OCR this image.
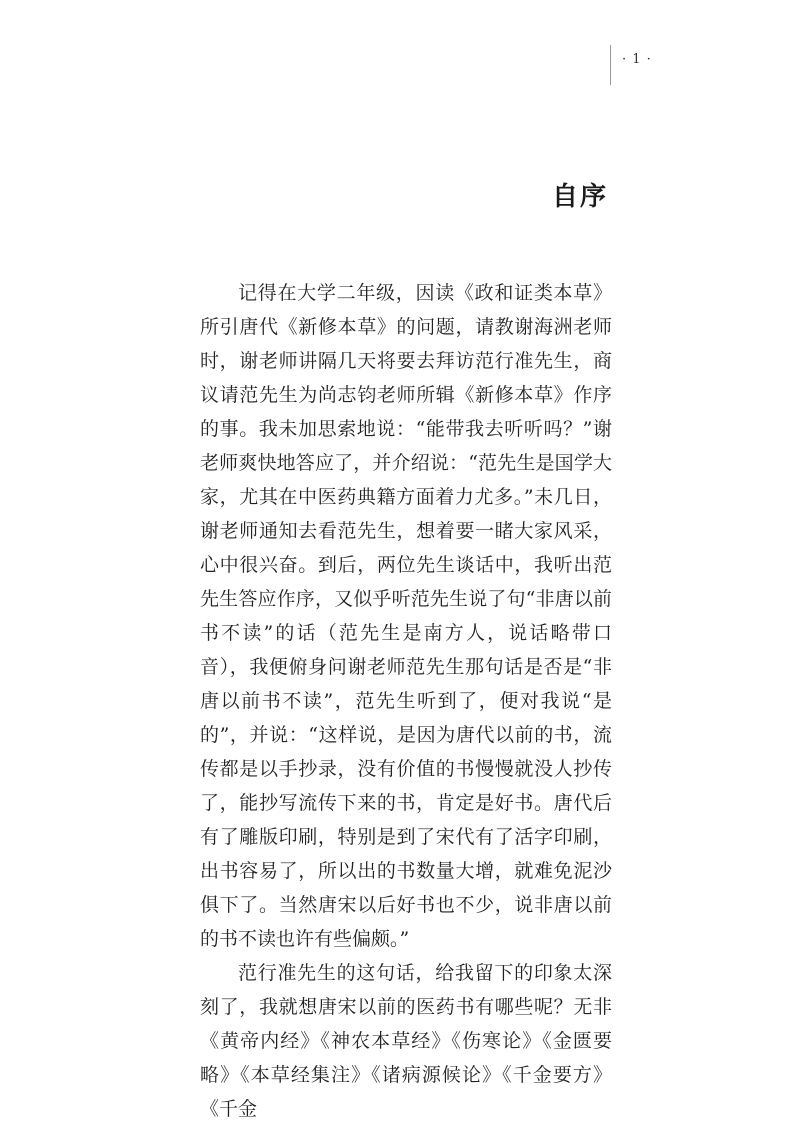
· 1 ·
自序

记得在大学二年级，因读《政和证类本草》所引唐代《新修本草》的问题，请教谢海洲老师时，谢老师讲隔几天将要去拜访范行准先生，商议请范先生为尚志钧老师所辑《新修本草》作序的事。我未加思索地说：“能带我去听听吗？”谢老师爽快地答应了，并介绍说：“范先生是国学大家，尤其在中医药典籍方面着力尤多。”未几日，谢老师通知去看范先生，想着要一睹大家风采，心中很兴奋。到后，两位先生谈话中，我听出范先生答应作序，又似乎听范先生说了句“非唐以前书不读”的话（范先生是南方人，说话略带口音），我便俯身问谢老师范先生那句话是否是“非唐以前书不读”，范先生听到了，便对我说“是的”，并说：“这样说，是因为唐代以前的书，流传都是以手抄录，没有价值的书慢慢就没人抄传了，能抄写流传下来的书，肯定是好书。唐代后有了雕版印刷，特别是到了宋代有了活字印刷，出书容易了，所以出的书数量大增，就难免泥沙俱下了。当然唐宋以后好书也不少，说非唐以前的书不读也许有些偏颇。”

范行准先生的这句话，给我留下的印象太深刻了，我就想唐宋以前的医药书有哪些呢？无非《黄帝内经》《神农本草经》《伤寒论》《金匮要略》《本草经集注》《诸病源候论》《千金要方》《千金
